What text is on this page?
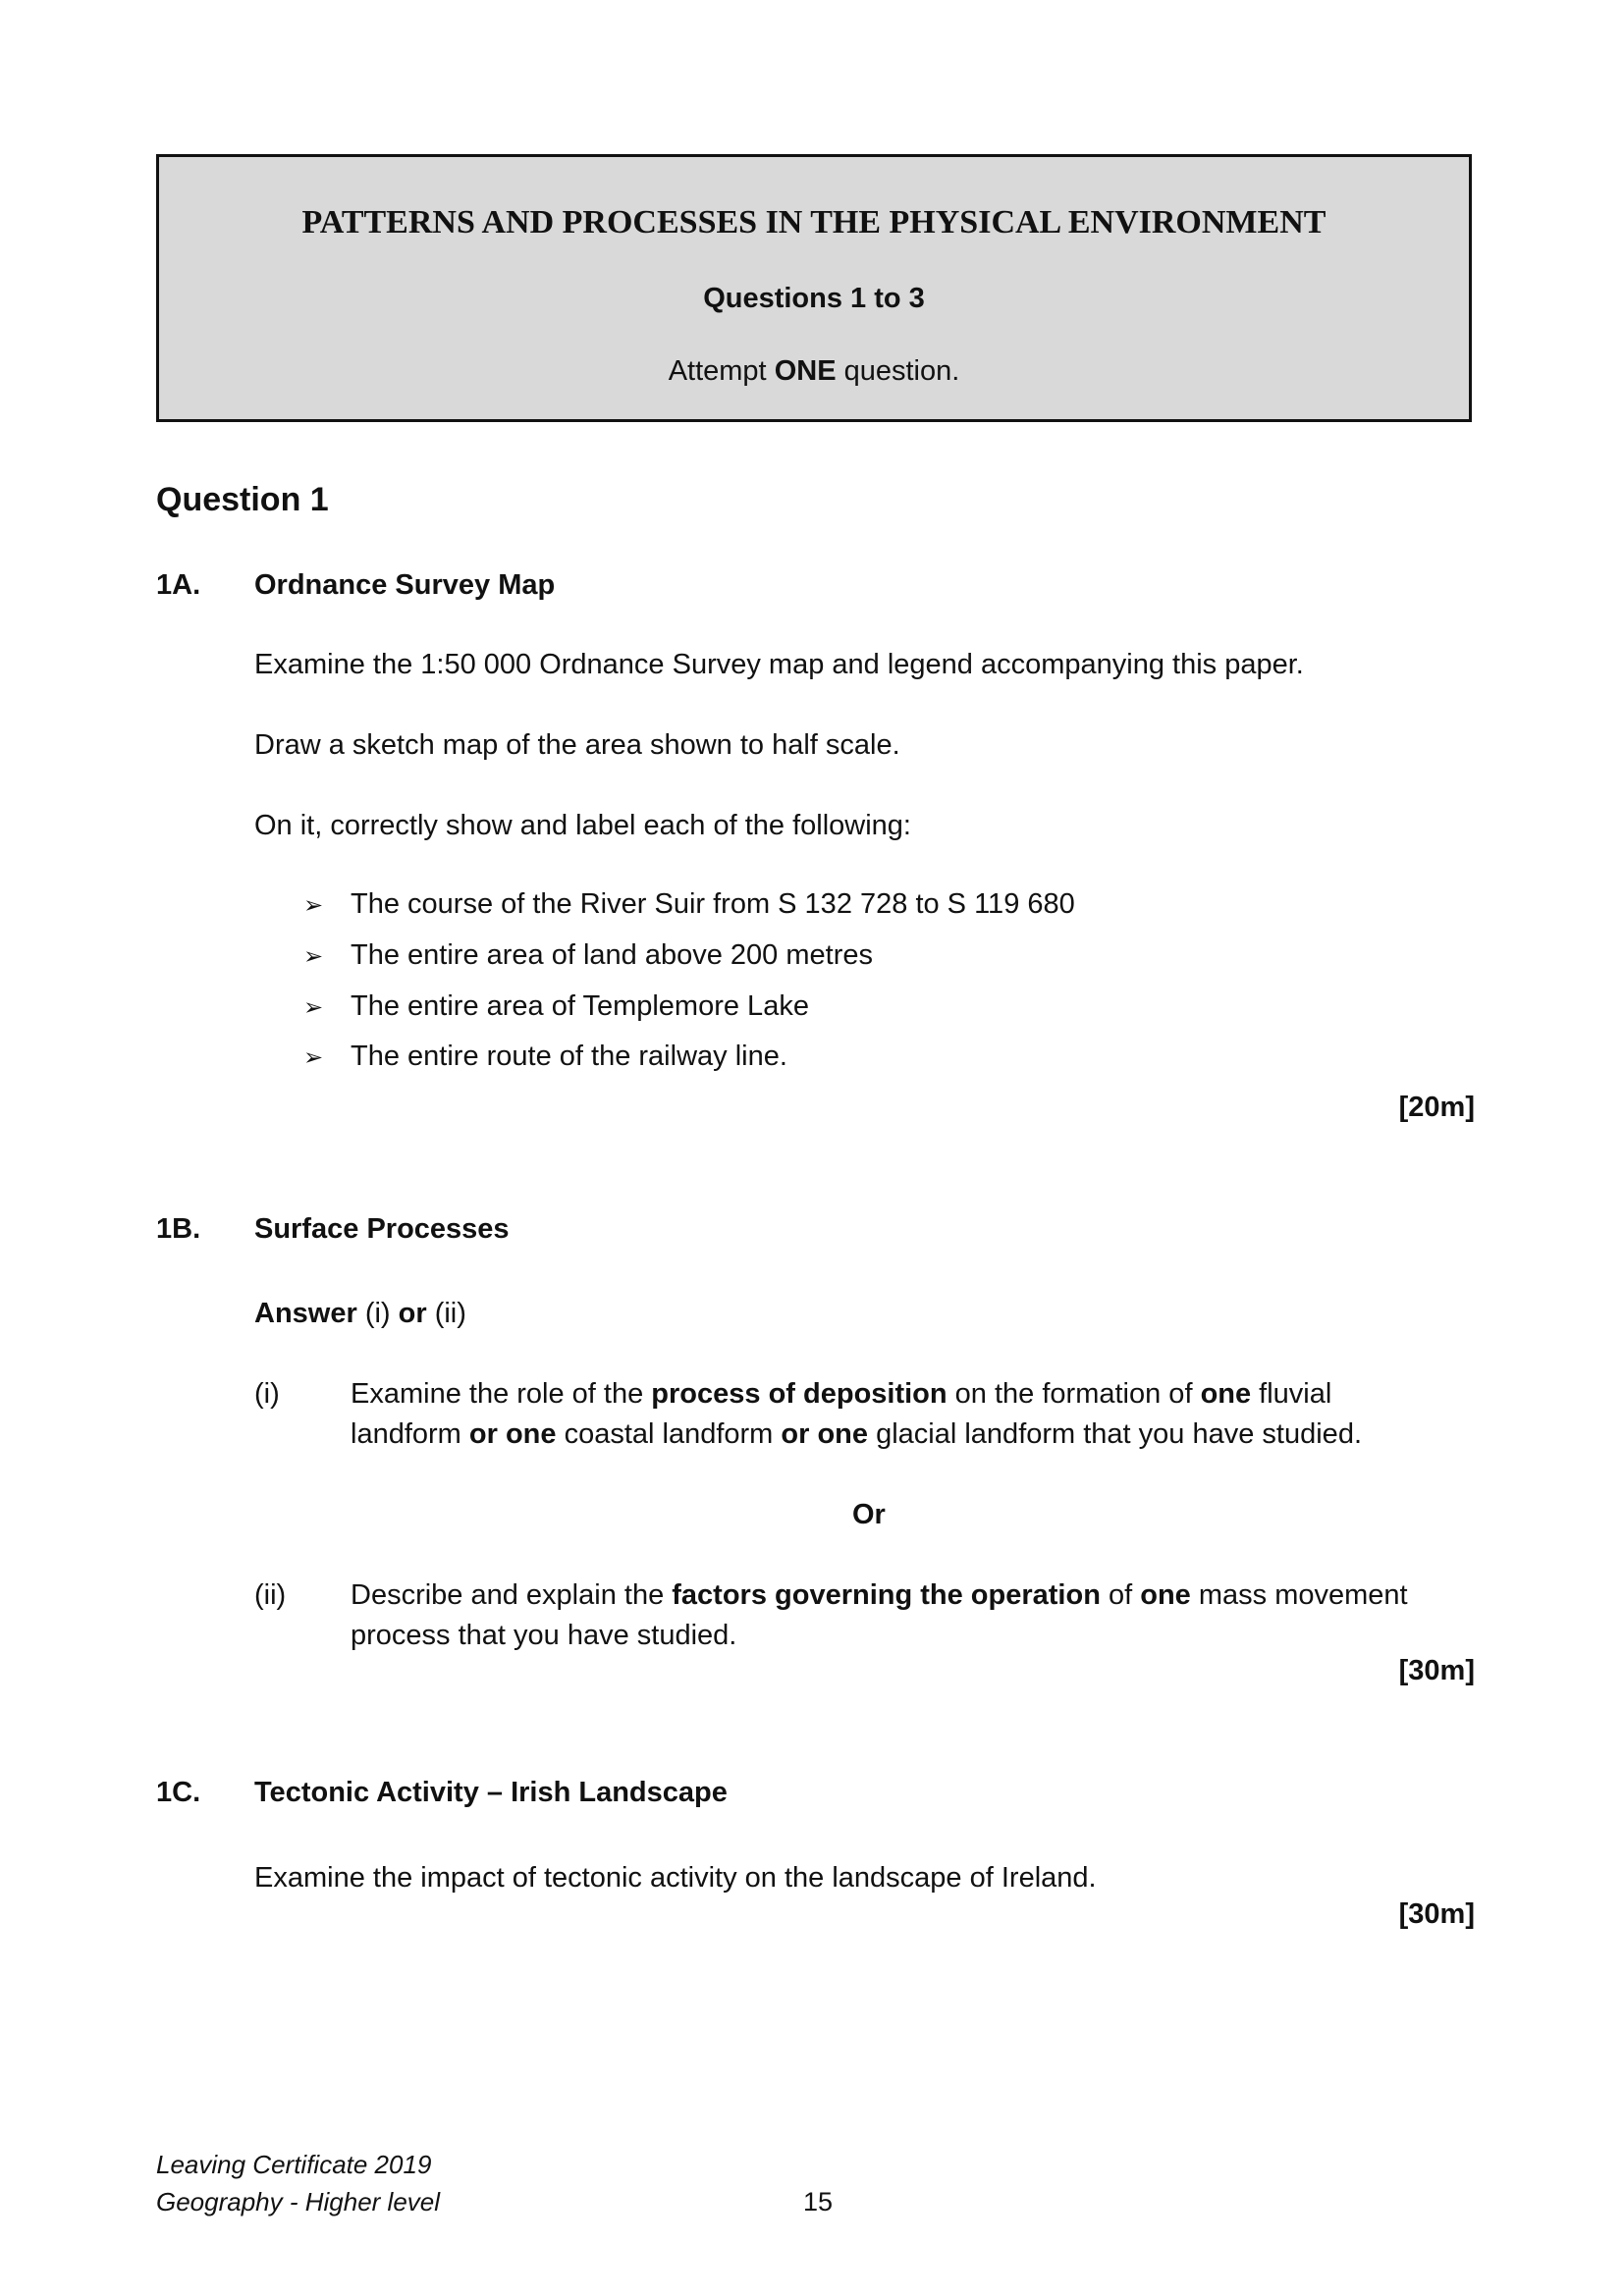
PATTERNS AND PROCESSES IN THE PHYSICAL ENVIRONMENT
Questions 1 to 3
Attempt ONE question.
Question 1
1A. Ordnance Survey Map
Examine the 1:50 000 Ordnance Survey map and legend accompanying this paper.
Draw a sketch map of the area shown to half scale.
On it, correctly show and label each of the following:
➢ The course of the River Suir from S 132 728 to S 119 680
➢ The entire area of land above 200 metres
➢ The entire area of Templemore Lake
➢ The entire route of the railway line.
[20m]
1B. Surface Processes
Answer (i) or (ii)
(i) Examine the role of the process of deposition on the formation of one fluvial
landform or one coastal landform or one glacial landform that you have studied.
Or
(ii) Describe and explain the factors governing the operation of one mass movement
process that you have studied.
[30m]
1C. Tectonic Activity – Irish Landscape
Examine the impact of tectonic activity on the landscape of Ireland.
[30m]
Leaving Certificate 2019
Geography - Higher level	15
